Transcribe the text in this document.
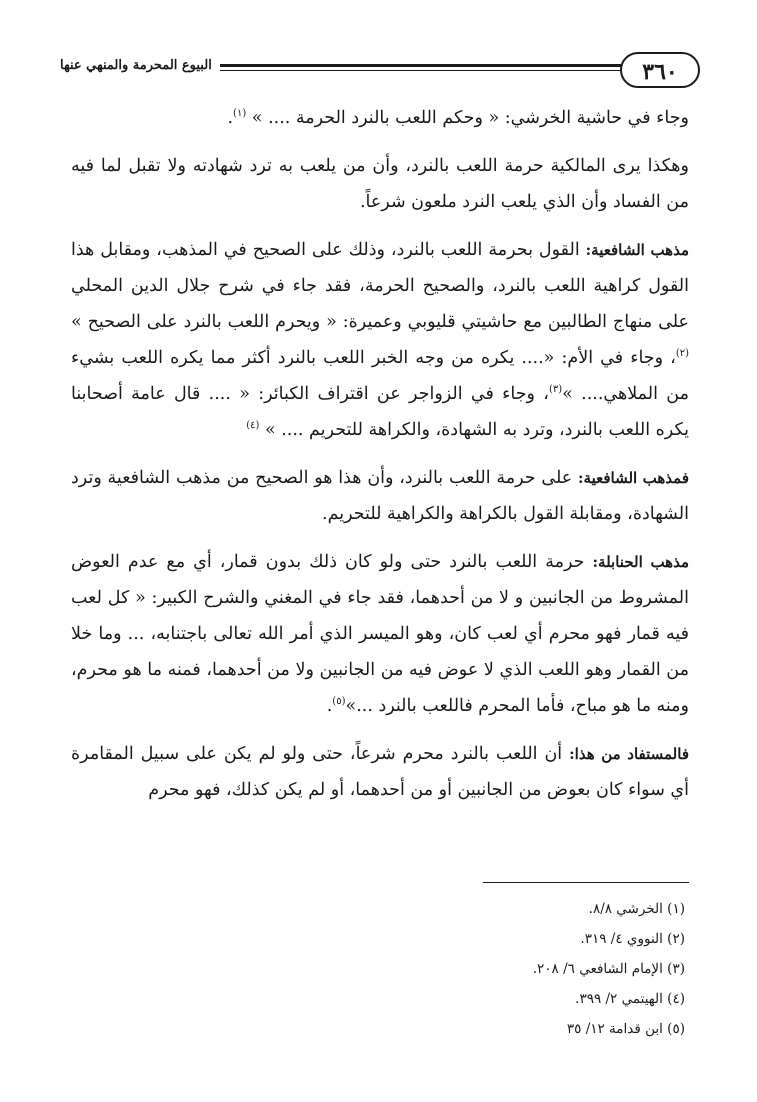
٣٦٠
البيوع المحرمة والمنهي عنها

وجاء في حاشية الخرشي: « وحكم اللعب بالنرد الحرمة .... » $^{(١)}$.

وهكذا يرى المالكية حرمة اللعب بالنرد، وأن من يلعب به ترد شهادته ولا تقبل لما فيه من الفساد وأن الذي يلعب النرد ملعون شرعاً.

مذهب الشافعية: القول بحرمة اللعب بالنرد، وذلك على الصحيح في المذهب، ومقابل هذا القول كراهية اللعب بالنرد، والصحيح الحرمة، فقد جاء في شرح جلال الدين المحلي على منهاج الطالبين مع حاشيتي قليوبي وعميرة: « ويحرم اللعب بالنرد على الصحيح » $^{(٢)}$، وجاء في الأم: «.... يكره من وجه الخبر اللعب بالنرد أكثر مما يكره اللعب بشيء من الملاهي.... »$^{(٣)}$، وجاء في الزواجر عن اقتراف الكبائر: « .... قال عامة أصحابنا يكره اللعب بالنرد، وترد به الشهادة، والكراهة للتحريم .... » $^{(٤)}$

فمذهب الشافعية: على حرمة اللعب بالنرد، وأن هذا هو الصحيح من مذهب الشافعية وترد الشهادة، ومقابلة القول بالكراهة والكراهية للتحريم.

مذهب الحنابلة: حرمة اللعب بالنرد حتى ولو كان ذلك بدون قمار، أي مع عدم العوض المشروط من الجانبين و لا من أحدهما، فقد جاء في المغني والشرح الكبير: « كل لعب فيه قمار فهو محرم أي لعب كان، وهو الميسر الذي أمر الله تعالى باجتنابه، ... وما خلا من القمار وهو اللعب الذي لا عوض فيه من الجانبين ولا من أحدهما، فمنه ما هو محرم، ومنه ما هو مباح، فأما المحرم فاللعب بالنرد ...»$^{(٥)}$.

فالمستفاد من هذا: أن اللعب بالنرد محرم شرعاً، حتى ولو لم يكن على سبيل المقامرة أي سواء كان بعوض من الجانبين أو من أحدهما، أو لم يكن كذلك، فهو محرم

(١) الخرشي ٨/٨.
(٢) النووي ٤/ ٣١٩.
(٣) الإمام الشافعي ٦/ ٢٠٨.
(٤) الهيتمي ٢/ ٣٩٩.
(٥) ابن قدامة ١٢/ ٣٥
